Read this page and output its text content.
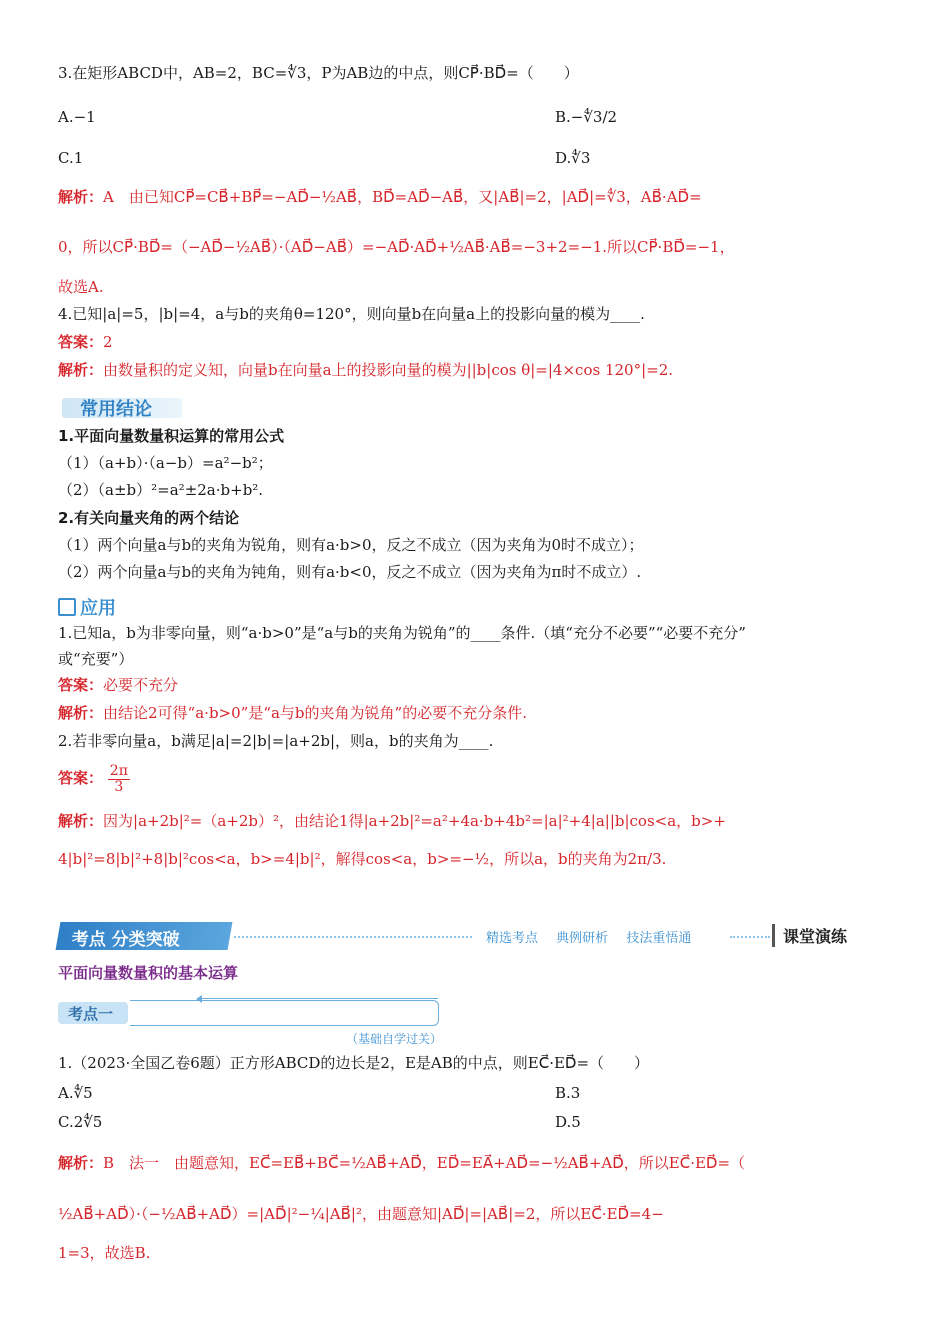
3.在矩形ABCD中，AB=2，BC=∜3，P为AB边的中点，则CP⃗·BD⃗=（　　）
A.−1	B.−∜3/2
C.1	D.∜3
解析：A　由已知CP⃗=CB⃗+BP⃗=−AD⃗−½AB⃗，BD⃗=AD⃗−AB⃗，又|AB⃗|=2，|AD⃗|=∜3，AB⃗·AD⃗=
0，所以CP⃗·BD⃗=（−AD⃗−½AB⃗）·（AD⃗−AB⃗）=−AD⃗·AD⃗+½AB⃗·AB⃗=−3+2=−1.所以CP⃗·BD⃗=−1，
故选A.
4.已知|a|=5，|b|=4，a与b的夹角θ=120°，则向量b在向量a上的投影向量的模为____.
答案：2
解析：由数量积的定义知，向量b在向量a上的投影向量的模为||b|cos θ|=|4×cos 120°|=2.
常用结论
1.平面向量数量积运算的常用公式
（1）（a+b）·（a−b）=a²−b²；
（2）（a±b）²=a²±2a·b+b².
2.有关向量夹角的两个结论
（1）两个向量a与b的夹角为锐角，则有a·b>0，反之不成立（因为夹角为0时不成立）；
（2）两个向量a与b的夹角为钝角，则有a·b<0，反之不成立（因为夹角为π时不成立）.
应用
1.已知a，b为非零向量，则“a·b>0”是“a与b的夹角为锐角”的____条件.（填“充分不必要”“必要不充分”
或“充要”）
答案：必要不充分
解析：由结论2可得“a·b>0”是“a与b的夹角为锐角”的必要不充分条件.
2.若非零向量a，b满足|a|=2|b|=|a+2b|，则a，b的夹角为____.
答案： $\frac{2\pi}{3}$
解析：因为|a+2b|²=（a+2b）²，由结论1得|a+2b|²=a²+4a·b+4b²=|a|²+4|a||b|cos<a，b>+
4|b|²=8|b|²+8|b|²cos<a，b>=4|b|²，解得cos<a，b>=−½，所以a，b的夹角为2π/3.
考点 分类突破	精选考点 典例研析 技法重悟通	课堂演练
平面向量数量积的基本运算
考点一
（基础自学过关）
1.（2023·全国乙卷6题）正方形ABCD的边长是2，E是AB的中点，则EC⃗·ED⃗=（　　）
A.∜5	B.3
C.2∜5	D.5
解析：B　法一　由题意知，EC⃗=EB⃗+BC⃗=½AB⃗+AD⃗，ED⃗=EA⃗+AD⃗=−½AB⃗+AD⃗，所以EC⃗·ED⃗=（
½AB⃗+AD⃗）·（−½AB⃗+AD⃗）=|AD⃗|²−¼|AB⃗|²，由题意知|AD⃗|=|AB⃗|=2，所以EC⃗·ED⃗=4−
1=3，故选B.
